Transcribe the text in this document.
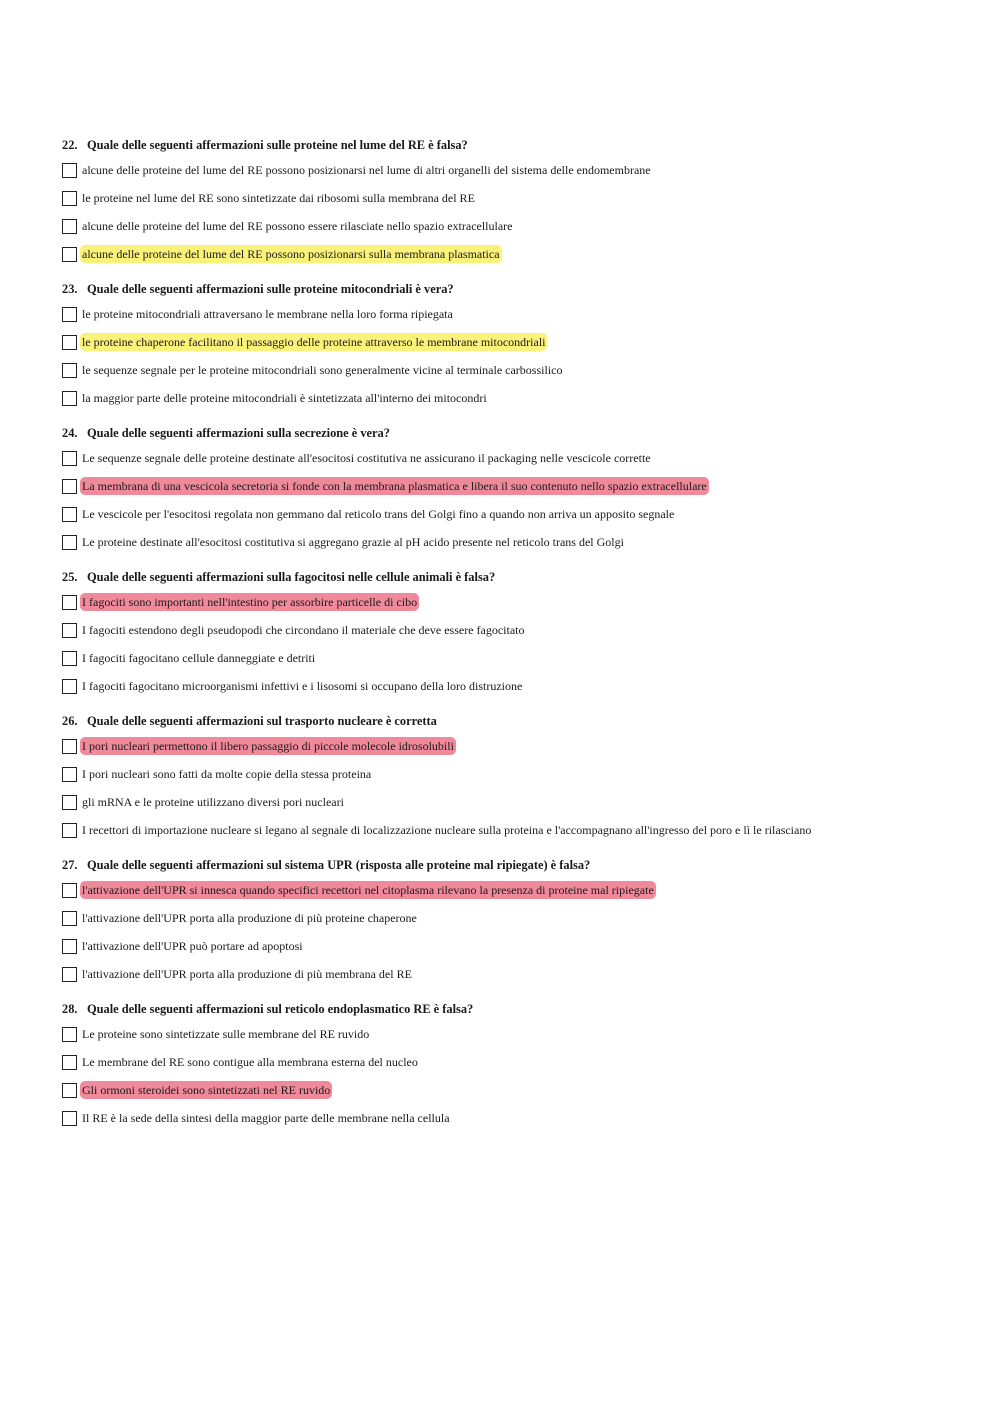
22. Quale delle seguenti affermazioni sulle proteine nel lume del RE è falsa?
alcune delle proteine del lume del RE possono posizionarsi nel lume di altri organelli del sistema delle endomembrane
le proteine nel lume del RE sono sintetizzate dai ribosomi sulla membrana del RE
alcune delle proteine del lume del RE possono essere rilasciate nello spazio extracellulare
alcune delle proteine del lume del RE possono posizionarsi sulla membrana plasmatica
23. Quale delle seguenti affermazioni sulle proteine mitocondriali è vera?
le proteine mitocondriali attraversano le membrane nella loro forma ripiegata
le proteine chaperone facilitano il passaggio delle proteine attraverso le membrane mitocondriali
le sequenze segnale per le proteine mitocondriali sono generalmente vicine al terminale carbossilico
la maggior parte delle proteine mitocondriali è sintetizzata all'interno dei mitocondri
24. Quale delle seguenti affermazioni sulla secrezione è vera?
Le sequenze segnale delle proteine destinate all'esocitosi costitutiva ne assicurano il packaging nelle vescicole corrette
La membrana di una vescicola secretoria si fonde con la membrana plasmatica e libera il suo contenuto nello spazio extracellulare
Le vescicole per l'esocitosi regolata non gemmano dal reticolo trans del Golgi fino a quando non arriva un apposito segnale
Le proteine destinate all'esocitosi costitutiva si aggregano grazie al pH acido presente nel reticolo trans del Golgi
25. Quale delle seguenti affermazioni sulla fagocitosi nelle cellule animali è falsa?
I fagociti sono importanti nell'intestino per assorbire particelle di cibo
I fagociti estendono degli pseudopodi che circondano il materiale che deve essere fagocitato
I fagociti fagocitano cellule danneggiate e detriti
I fagociti fagocitano microorganismi infettivi e i lisosomi si occupano della loro distruzione
26. Quale delle seguenti affermazioni sul trasporto nucleare è corretta
I pori nucleari permettono il libero passaggio di piccole molecole idrosolubili
I pori nucleari sono fatti da molte copie della stessa proteina
gli mRNA e le proteine utilizzano diversi pori nucleari
I recettori di importazione nucleare si legano al segnale di localizzazione nucleare sulla proteina e l'accompagnano all'ingresso del poro e lì le rilasciano
27. Quale delle seguenti affermazioni sul sistema UPR (risposta alle proteine mal ripiegate) è falsa?
l'attivazione dell'UPR si innesca quando specifici recettori nel citoplasma rilevano la presenza di proteine mal ripiegate
l'attivazione dell'UPR porta alla produzione di più proteine chaperone
l'attivazione dell'UPR può portare ad apoptosi
l'attivazione dell'UPR porta alla produzione di più membrana del RE
28. Quale delle seguenti affermazioni sul reticolo endoplasmatico RE è falsa?
Le proteine sono sintetizzate sulle membrane del RE ruvido
Le membrane del RE sono contigue alla membrana esterna del nucleo
Gli ormoni steroidei sono sintetizzati nel RE ruvido
Il RE è la sede della sintesi della maggior parte delle membrane nella cellula
